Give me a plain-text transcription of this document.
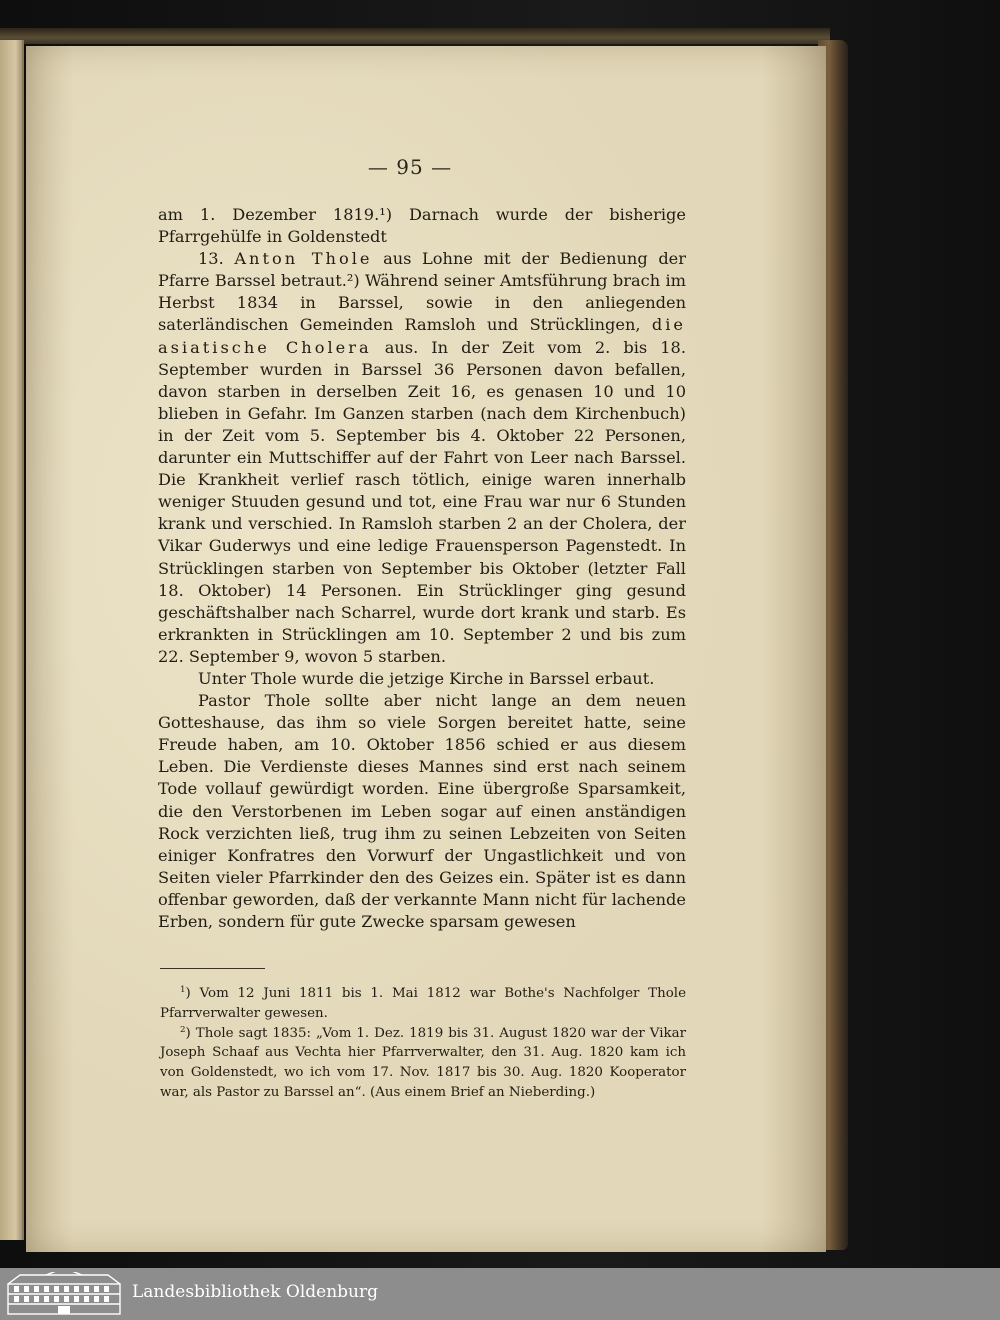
— 95 —

am 1. Dezember 1819.¹) Darnach wurde der bisherige Pfarrgehülfe in Goldenstedt

13. Anton Thole aus Lohne mit der Bedienung der Pfarre Barssel betraut.²) Während seiner Amtsführung brach im Herbst 1834 in Barssel, sowie in den anliegenden saterländischen Gemeinden Ramsloh und Strücklingen, die asiatische Cholera aus. In der Zeit vom 2. bis 18. September wurden in Barssel 36 Personen davon befallen, davon starben in derselben Zeit 16, es genasen 10 und 10 blieben in Gefahr. Im Ganzen starben (nach dem Kirchenbuch) in der Zeit vom 5. September bis 4. Oktober 22 Personen, darunter ein Muttschiffer auf der Fahrt von Leer nach Barssel. Die Krankheit verlief rasch tötlich, einige waren innerhalb weniger Stuuden gesund und tot, eine Frau war nur 6 Stunden krank und verschied. In Ramsloh starben 2 an der Cholera, der Vikar Guderwys und eine ledige Frauensperson Pagenstedt. In Strücklingen starben von September bis Oktober (letzter Fall 18. Oktober) 14 Personen. Ein Strücklinger ging gesund geschäftshalber nach Scharrel, wurde dort krank und starb. Es erkrankten in Strücklingen am 10. September 2 und bis zum 22. September 9, wovon 5 starben.

Unter Thole wurde die jetzige Kirche in Barssel erbaut.

Pastor Thole sollte aber nicht lange an dem neuen Gotteshause, das ihm so viele Sorgen bereitet hatte, seine Freude haben, am 10. Oktober 1856 schied er aus diesem Leben. Die Verdienste dieses Mannes sind erst nach seinem Tode vollauf gewürdigt worden. Eine übergroße Sparsamkeit, die den Verstorbenen im Leben sogar auf einen anständigen Rock verzichten ließ, trug ihm zu seinen Lebzeiten von Seiten einiger Konfratres den Vorwurf der Ungastlichkeit und von Seiten vieler Pfarrkinder den des Geizes ein. Später ist es dann offenbar geworden, daß der verkannte Mann nicht für lachende Erben, sondern für gute Zwecke sparsam gewesen

$^1$) Vom 12 Juni 1811 bis 1. Mai 1812 war Bothe's Nachfolger Thole Pfarrverwalter gewesen.

$^2$) Thole sagt 1835: „Vom 1. Dez. 1819 bis 31. August 1820 war der Vikar Joseph Schaaf aus Vechta hier Pfarrverwalter, den 31. Aug. 1820 kam ich von Goldenstedt, wo ich vom 17. Nov. 1817 bis 30. Aug. 1820 Kooperator war, als Pastor zu Barssel an“. (Aus einem Brief an Nieberding.)

Landesbibliothek Oldenburg
